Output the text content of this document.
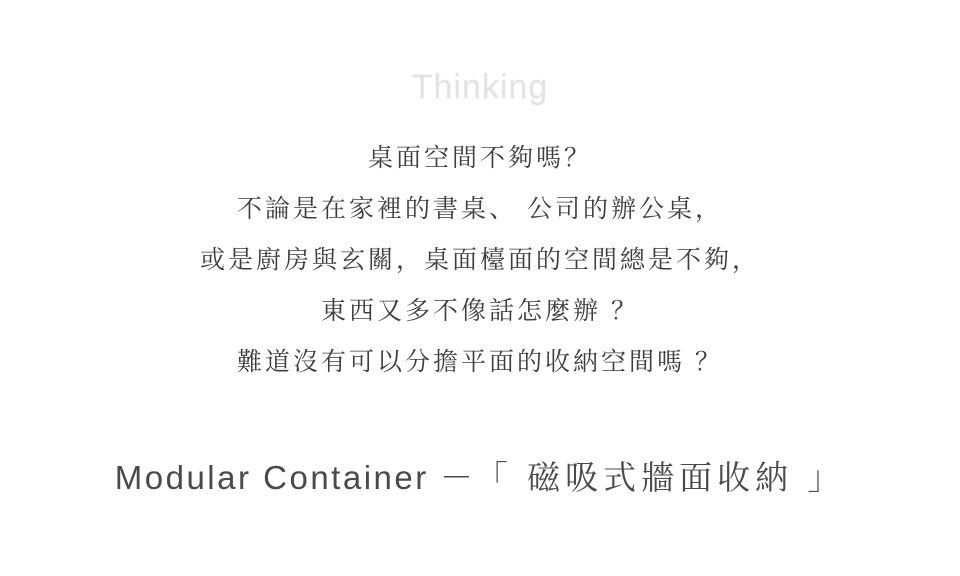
Thinking
桌面空間不夠嗎？
不論是在家裡的書桌、 公司的辦公桌，
或是廚房與玄關，桌面檯面的空間總是不夠，
東西又多不像話怎麼辦 ？
難道沒有可以分擔平面的收納空間嗎 ？
Modular Container －「 磁吸式牆面收納 」
